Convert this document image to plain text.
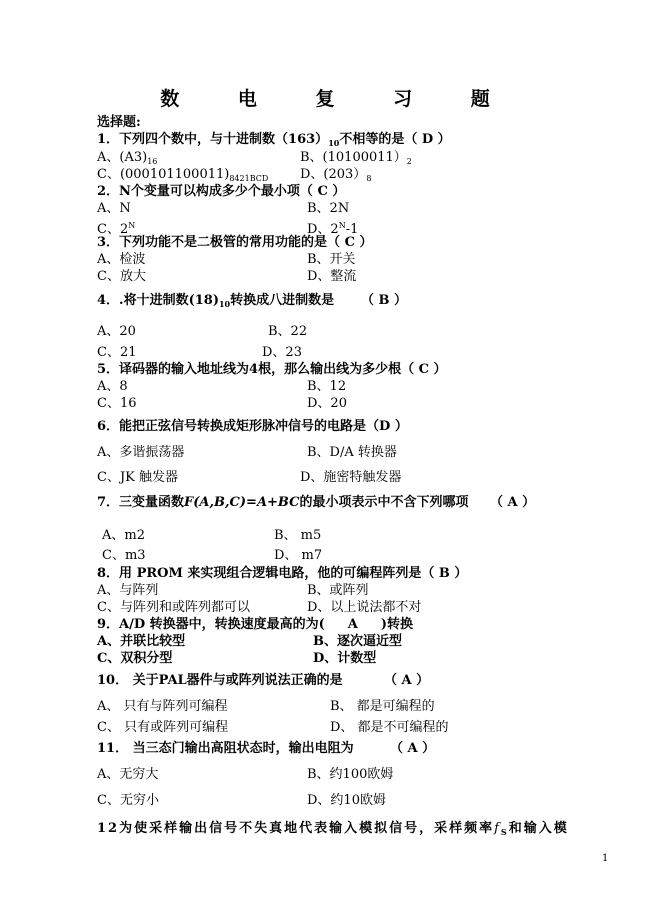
数 电 复 习 题
选择题:
1．下列四个数中，与十进制数$(163)_{10}$不相等的是（ D ）
A、$(A3)_{16}$	B、$(10100011)_2$
C、$(000101100011)_{8421BCD}$ D、$(203)_8$
2．N个变量可以构成多少个最小项（ C ）
A、N	B、2N
C、$2^N$	D、$2^N-1$
3．下列功能不是二极管的常用功能的是（ C ）
A、检波	B、开关
C、放大	D、整流
4．.将十进制数$(18)_{10}$转换成八进制数是 （ B ）
A、20	B、22
C、21	D、23
5．译码器的输入地址线为4根，那么输出线为多少根（ C ）
A、8	B、12
C、16	D、20
6．能把正弦信号转换成矩形脉冲信号的电路是（D ）
A、多谐振荡器	B、D/A 转换器
C、JK 触发器	D、施密特触发器
7．三变量函数F(A,B,C)=A+BC的最小项表示中不含下列哪项 （ A ）
A、m2	B、 m5
C、m3	D、 m7
8．用 PROM 来实现组合逻辑电路，他的可编程阵列是（ B ）
A、与阵列	B、或阵列
C、与阵列和或阵列都可以	D、以上说法都不对
9．A/D 转换器中，转换速度最高的为( A )转换
A、并联比较型	B、逐次逼近型
C、双积分型	D、计数型
10． 关于PAL器件与或阵列说法正确的是	（ A ）
A、 只有与阵列可编程	B、 都是可编程的
C、 只有或阵列可编程	D、 都是不可编程的
11． 当三态门输出高阻状态时，输出电阻为	（ A ）
A、无穷大	B、约100欧姆
C、无穷小	D、约10欧姆
12为使采样输出信号不失真地代表输入模拟信号，采样频率$f_S$和输入模
1
